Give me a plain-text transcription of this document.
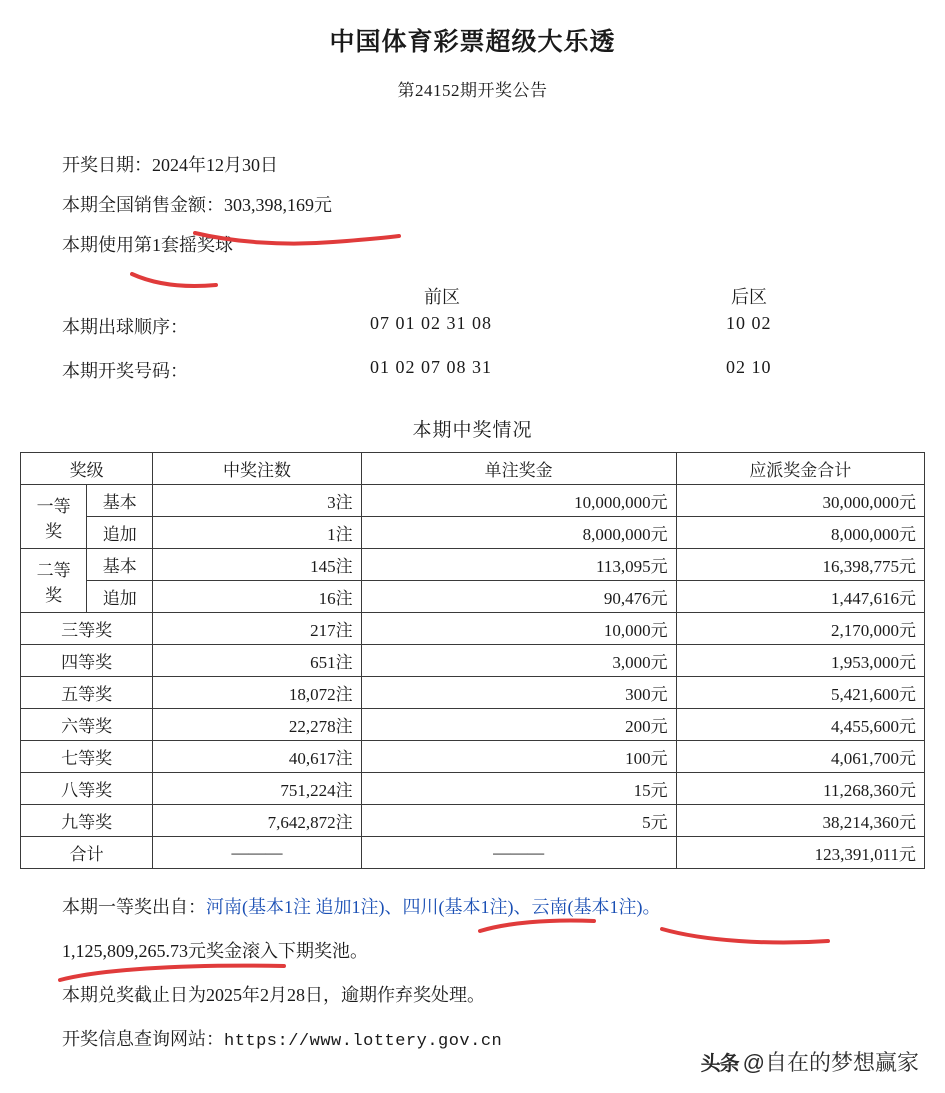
中国体育彩票超级大乐透
第24152期开奖公告
开奖日期：2024年12月30日
本期全国销售金额：303,398,169元
本期使用第1套摇奖球
前区	后区
本期出球顺序：	07 01 02 31 08	10 02
本期开奖号码：	01 02 07 08 31	02 10
本期中奖情况
奖级		中奖注数	单注奖金	应派奖金合计
一等奖	基本	3注	10,000,000元	30,000,000元
	追加	1注	8,000,000元	8,000,000元
二等奖	基本	145注	113,095元	16,398,775元
	追加	16注	90,476元	1,447,616元
三等奖		217注	10,000元	2,170,000元
四等奖		651注	3,000元	1,953,000元
五等奖		18,072注	300元	5,421,600元
六等奖		22,278注	200元	4,455,600元
七等奖		40,617注	100元	4,061,700元
八等奖		751,224注	15元	11,268,360元
九等奖		7,642,872注	5元	38,214,360元
合计		———	———	123,391,011元
本期一等奖出自：河南(基本1注 追加1注)、四川(基本1注)、云南(基本1注)。
1,125,809,265.73元奖金滚入下期奖池。
本期兑奖截止日为2025年2月28日，逾期作弃奖处理。
开奖信息查询网站：https://www.lottery.gov.cn
头条 @自在的梦想赢家
